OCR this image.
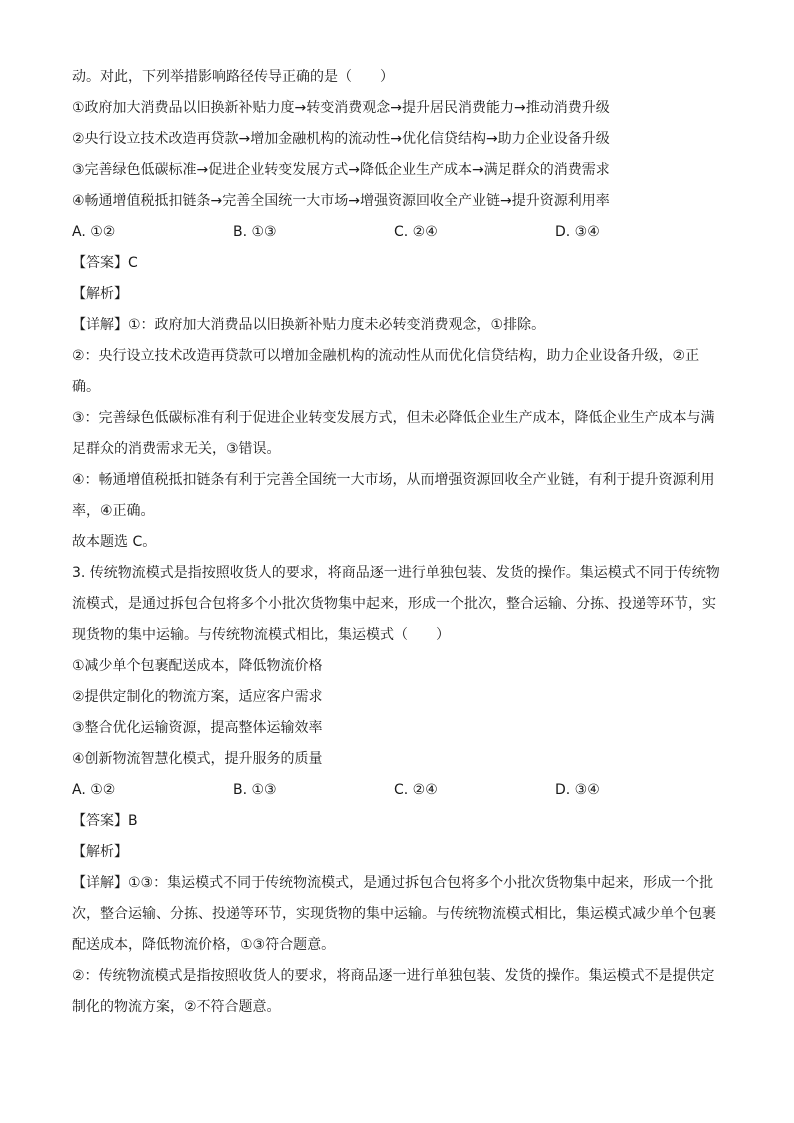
动。对此，下列举措影响路径传导正确的是（　　）
①政府加大消费品以旧换新补贴力度→转变消费观念→提升居民消费能力→推动消费升级
②央行设立技术改造再贷款→增加金融机构的流动性→优化信贷结构→助力企业设备升级
③完善绿色低碳标准→促进企业转变发展方式→降低企业生产成本→满足群众的消费需求
④畅通增值税抵扣链条→完善全国统一大市场→增强资源回收全产业链→提升资源利用率
A. ①②	B. ①③	C. ②④	D. ③④
【答案】C
【解析】
【详解】①：政府加大消费品以旧换新补贴力度未必转变消费观念，①排除。
②：央行设立技术改造再贷款可以增加金融机构的流动性从而优化信贷结构，助力企业设备升级，②正
确。
③：完善绿色低碳标准有利于促进企业转变发展方式，但未必降低企业生产成本，降低企业生产成本与满
足群众的消费需求无关，③错误。
④：畅通增值税抵扣链条有利于完善全国统一大市场，从而增强资源回收全产业链，有利于提升资源利用
率，④正确。
故本题选 C。
3. 传统物流模式是指按照收货人的要求，将商品逐一进行单独包装、发货的操作。集运模式不同于传统物
流模式，是通过拆包合包将多个小批次货物集中起来，形成一个批次，整合运输、分拣、投递等环节，实
现货物的集中运输。与传统物流模式相比，集运模式（　　）
①减少单个包裹配送成本，降低物流价格
②提供定制化的物流方案，适应客户需求
③整合优化运输资源，提高整体运输效率
④创新物流智慧化模式，提升服务的质量
A. ①②	B. ①③	C. ②④	D. ③④
【答案】B
【解析】
【详解】①③：集运模式不同于传统物流模式，是通过拆包合包将多个小批次货物集中起来，形成一个批
次，整合运输、分拣、投递等环节，实现货物的集中运输。与传统物流模式相比，集运模式减少单个包裹
配送成本，降低物流价格，①③符合题意。
②：传统物流模式是指按照收货人的要求，将商品逐一进行单独包装、发货的操作。集运模式不是提供定
制化的物流方案，②不符合题意。
